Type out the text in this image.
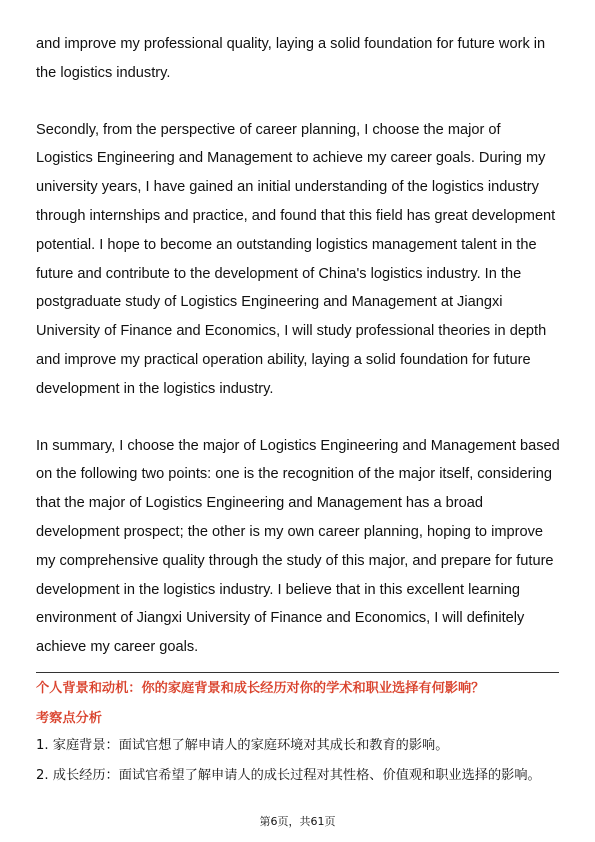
and improve my professional quality, laying a solid foundation for future work in the logistics industry.

Secondly, from the perspective of career planning, I choose the major of Logistics Engineering and Management to achieve my career goals. During my university years, I have gained an initial understanding of the logistics industry through internships and practice, and found that this field has great development potential. I hope to become an outstanding logistics management talent in the future and contribute to the development of China's logistics industry. In the postgraduate study of Logistics Engineering and Management at Jiangxi University of Finance and Economics, I will study professional theories in depth and improve my practical operation ability, laying a solid foundation for future development in the logistics industry.

In summary, I choose the major of Logistics Engineering and Management based on the following two points: one is the recognition of the major itself, considering that the major of Logistics Engineering and Management has a broad development prospect; the other is my own career planning, hoping to improve my comprehensive quality through the study of this major, and prepare for future development in the logistics industry. I believe that in this excellent learning environment of Jiangxi University of Finance and Economics, I will definitely achieve my career goals.

个人背景和动机：你的家庭背景和成长经历对你的学术和职业选择有何影响？

考察点分析

1. 家庭背景：面试官想了解申请人的家庭环境对其成长和教育的影响。

2. 成长经历：面试官希望了解申请人的成长过程对其性格、价值观和职业选择的影响。

第6页，共61页
